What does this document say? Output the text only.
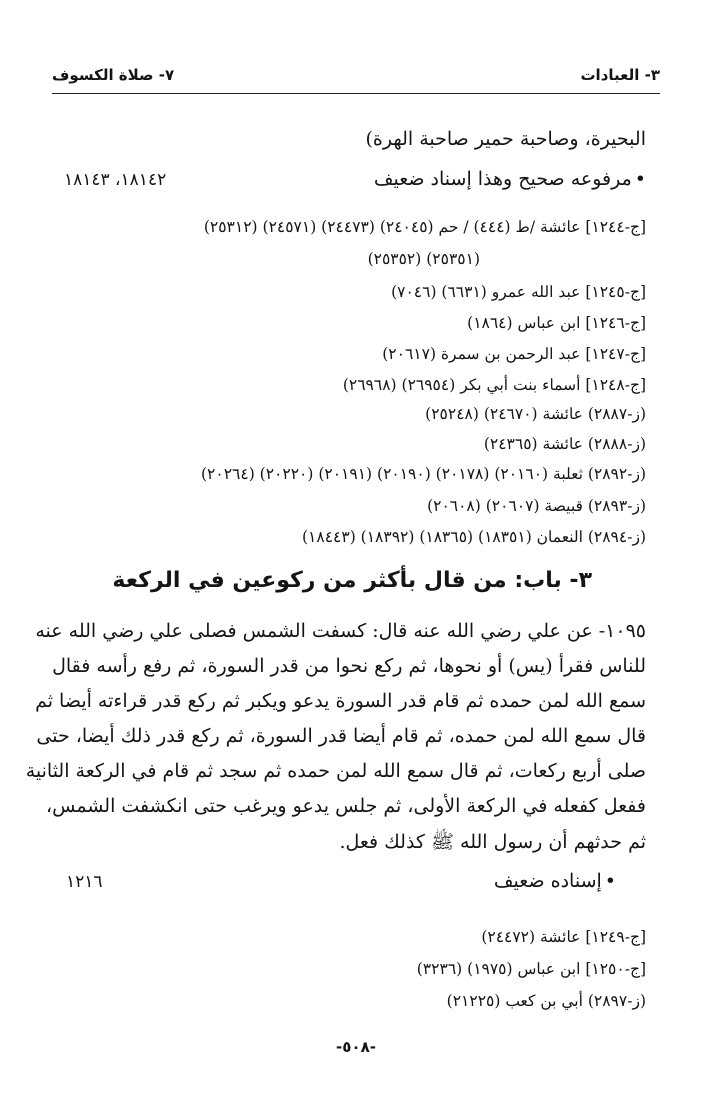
٣- العبادات
٧- صلاة الكسوف
البحيرة، وصاحبة حمير صاحبة الهرة)
• مرفوعه صحيح وهذا إسناد ضعيف
١٨١٤٢، ١٨١٤٣
[ج-١٢٤٤] عائشة /ط (٤٤٤) / حم (٢٤٠٤٥) (٢٤٤٧٣) (٢٤٥٧١) (٢٥٣١٢)
(٢٥٣٥١) (٢٥٣٥٢)
[ج-١٢٤٥] عبد الله عمرو (٦٦٣١) (٧٠٤٦)
[ج-١٢٤٦] ابن عباس (١٨٦٤)
[ج-١٢٤٧] عبد الرحمن بن سمرة (٢٠٦١٧)
[ج-١٢٤٨] أسماء بنت أبي بكر (٢٦٩٥٤) (٢٦٩٦٨)
(ز-٢٨٨٧) عائشة (٢٤٦٧٠) (٢٥٢٤٨)
(ز-٢٨٨٨) عائشة (٢٤٣٦٥)
(ز-٢٨٩٢) ثعلبة (٢٠١٦٠) (٢٠١٧٨) (٢٠١٩٠) (٢٠١٩١) (٢٠٢٢٠) (٢٠٢٦٤)
(ز-٢٨٩٣) قبيصة (٢٠٦٠٧) (٢٠٦٠٨)
(ز-٢٨٩٤) النعمان (١٨٣٥١) (١٨٣٦٥) (١٨٣٩٢) (١٨٤٤٣)
٣- باب: من قال بأكثر من ركوعين في الركعة
١٠٩٥- عن علي رضي الله عنه قال: كسفت الشمس فصلى علي رضي الله عنه
للناس فقرأ (يس) أو نحوها، ثم ركع نحوا من قدر السورة، ثم رفع رأسه فقال
سمع الله لمن حمده ثم قام قدر السورة يدعو ويكبر ثم ركع قدر قراءته أيضا ثم
قال سمع الله لمن حمده، ثم قام أيضا قدر السورة، ثم ركع قدر ذلك أيضا، حتى
صلى أربع ركعات، ثم قال سمع الله لمن حمده ثم سجد ثم قام في الركعة الثانية
ففعل كفعله في الركعة الأولى، ثم جلس يدعو ويرغب حتى انكشفت الشمس،
ثم حدثهم أن رسول الله ﷺ كذلك فعل.
• إسناده ضعيف
١٢١٦
[ج-١٢٤٩] عائشة (٢٤٤٧٢)
[ج-١٢٥٠] ابن عباس (١٩٧٥) (٣٢٣٦)
(ز-٢٨٩٧) أبي بن كعب (٢١٢٢٥)
-٥٠٨-
